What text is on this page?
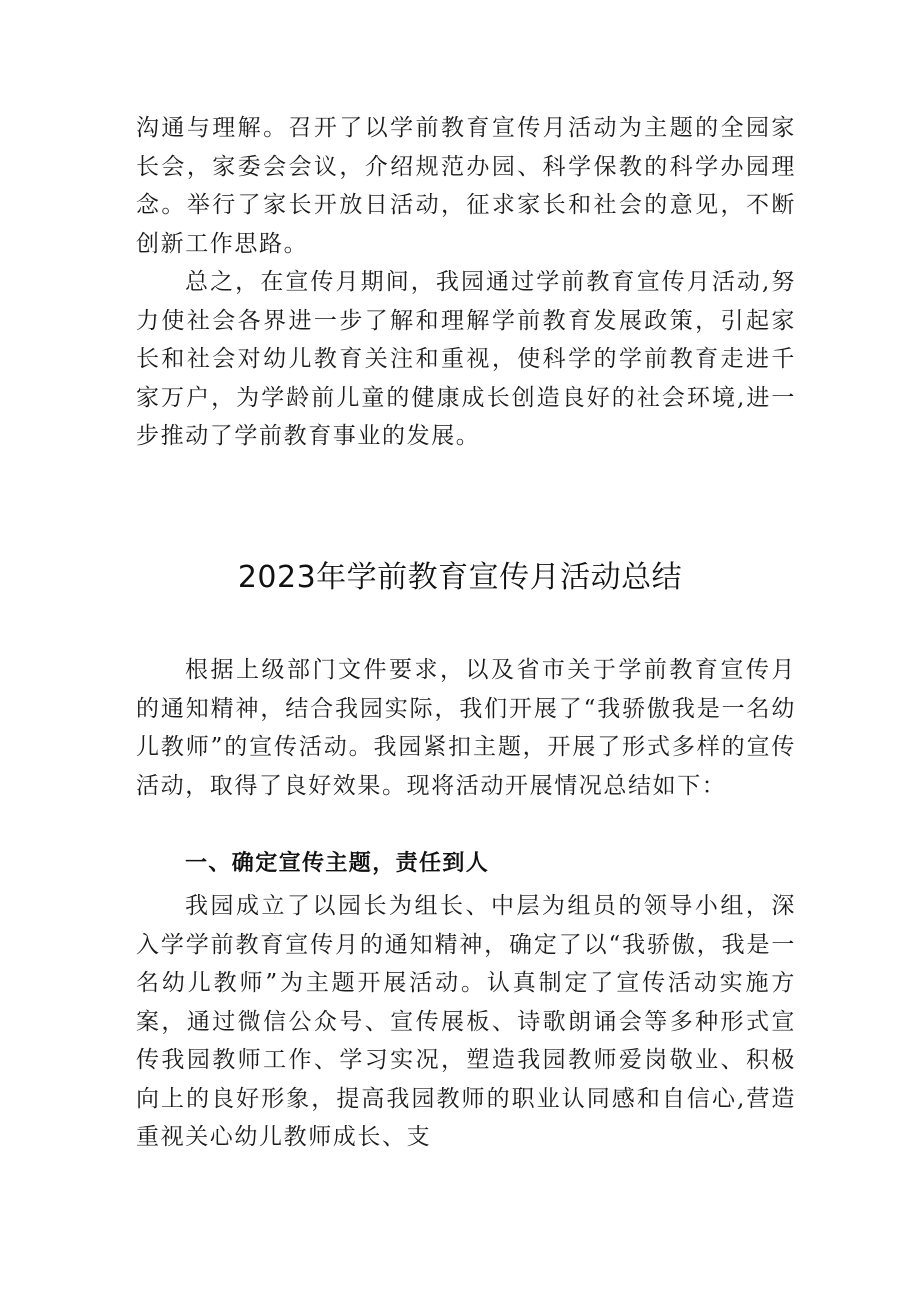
沟通与理解。召开了以学前教育宣传月活动为主题的全园家长会，家委会会议，介绍规范办园、科学保教的科学办园理念。举行了家长开放日活动，征求家长和社会的意见，不断创新工作思路。

总之，在宣传月期间，我园通过学前教育宣传月活动,努力使社会各界进一步了解和理解学前教育发展政策，引起家长和社会对幼儿教育关注和重视，使科学的学前教育走进千家万户，为学龄前儿童的健康成长创造良好的社会环境,进一步推动了学前教育事业的发展。

2023年学前教育宣传月活动总结

根据上级部门文件要求，以及省市关于学前教育宣传月的通知精神，结合我园实际，我们开展了“我骄傲我是一名幼儿教师”的宣传活动。我园紧扣主题，开展了形式多样的宣传活动，取得了良好效果。现将活动开展情况总结如下：

一、确定宣传主题，责任到人

我园成立了以园长为组长、中层为组员的领导小组，深入学学前教育宣传月的通知精神，确定了以“我骄傲，我是一名幼儿教师”为主题开展活动。认真制定了宣传活动实施方案，通过微信公众号、宣传展板、诗歌朗诵会等多种形式宣传我园教师工作、学习实况，塑造我园教师爱岗敬业、积极向上的良好形象，提高我园教师的职业认同感和自信心,营造重视关心幼儿教师成长、支
